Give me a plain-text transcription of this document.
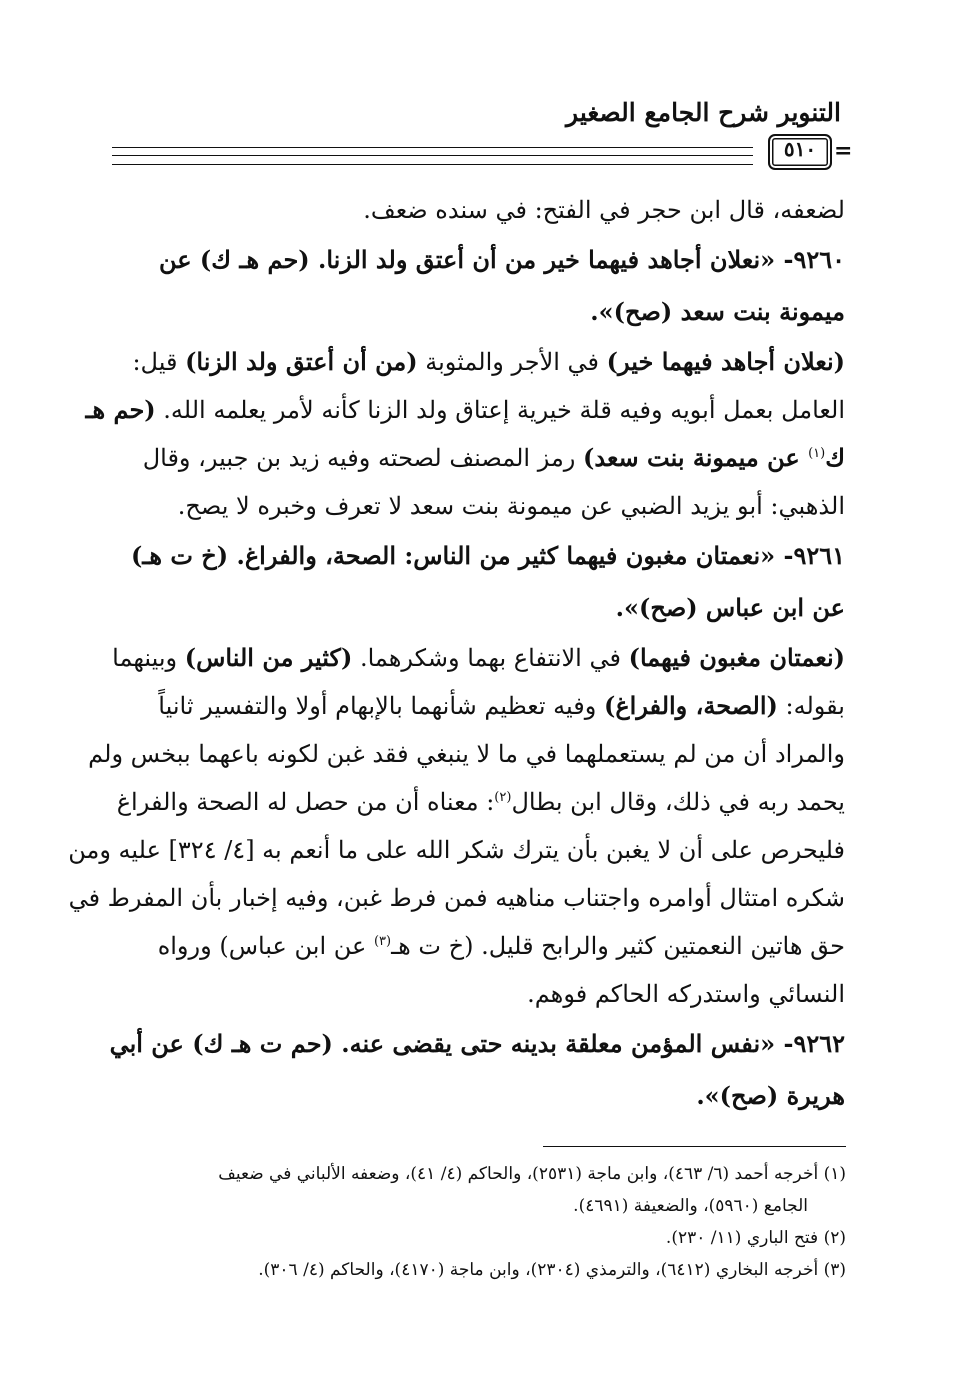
التنوير شرح الجامع الصغير
٥١٠ =
لضعفه، قال ابن حجر في الفتح: في سنده ضعف.
٩٢٦٠- «نعلان أجاهد فيهما خير من أن أعتق ولد الزنا. (حم هـ ك) عن
ميمونة بنت سعد (صح)».
(نعلان أجاهد فيهما خير) في الأجر والمثوبة (من أن أعتق ولد الزنا) قيل:
العامل بعمل أبويه وفيه قلة خيرية إعتاق ولد الزنا كأنه لأمر يعلمه الله. (حم هـ
ك$^{(١)}$ عن ميمونة بنت سعد) رمز المصنف لصحته وفيه زيد بن جبير، وقال
الذهبي: أبو يزيد الضبي عن ميمونة بنت سعد لا تعرف وخبره لا يصح.
٩٢٦١- «نعمتان مغبون فيهما كثير من الناس: الصحة، والفراغ. (خ ت هـ)
عن ابن عباس (صح)».
(نعمتان مغبون فيهما) في الانتفاع بهما وشكرهما. (كثير من الناس) وبينهما
بقوله: (الصحة، والفراغ) وفيه تعظيم شأنهما بالإبهام أولا والتفسير ثانياً
والمراد أن من لم يستعملهما في ما لا ينبغي فقد غبن لكونه باعهما ببخس ولم
يحمد ربه في ذلك، وقال ابن بطال$^{(٢)}$: معناه أن من حصل له الصحة والفراغ
فليحرص على أن لا يغبن بأن يترك شكر الله على ما أنعم به [٤/ ٣٢٤] عليه ومن
شكره امتثال أوامره واجتناب مناهيه فمن فرط غبن، وفيه إخبار بأن المفرط في
حق هاتين النعمتين كثير والرابح قليل. (خ ت هـ$^{(٣)}$ عن ابن عباس) ورواه
النسائي واستدركه الحاكم فوهم.
٩٢٦٢- «نفس المؤمن معلقة بدينه حتى يقضى عنه. (حم ت هـ ك) عن أبي
هريرة (صح)».
(١) أخرجه أحمد (٦/ ٤٦٣)، وابن ماجة (٢٥٣١)، والحاكم (٤/ ٤١)، وضعفه الألباني في ضعيف
الجامع (٥٩٦٠)، والضعيفة (٤٦٩١).
(٢) فتح الباري (١١/ ٢٣٠).
(٣) أخرجه البخاري (٦٤١٢)، والترمذي (٢٣٠٤)، وابن ماجة (٤١٧٠)، والحاكم (٤/ ٣٠٦).
